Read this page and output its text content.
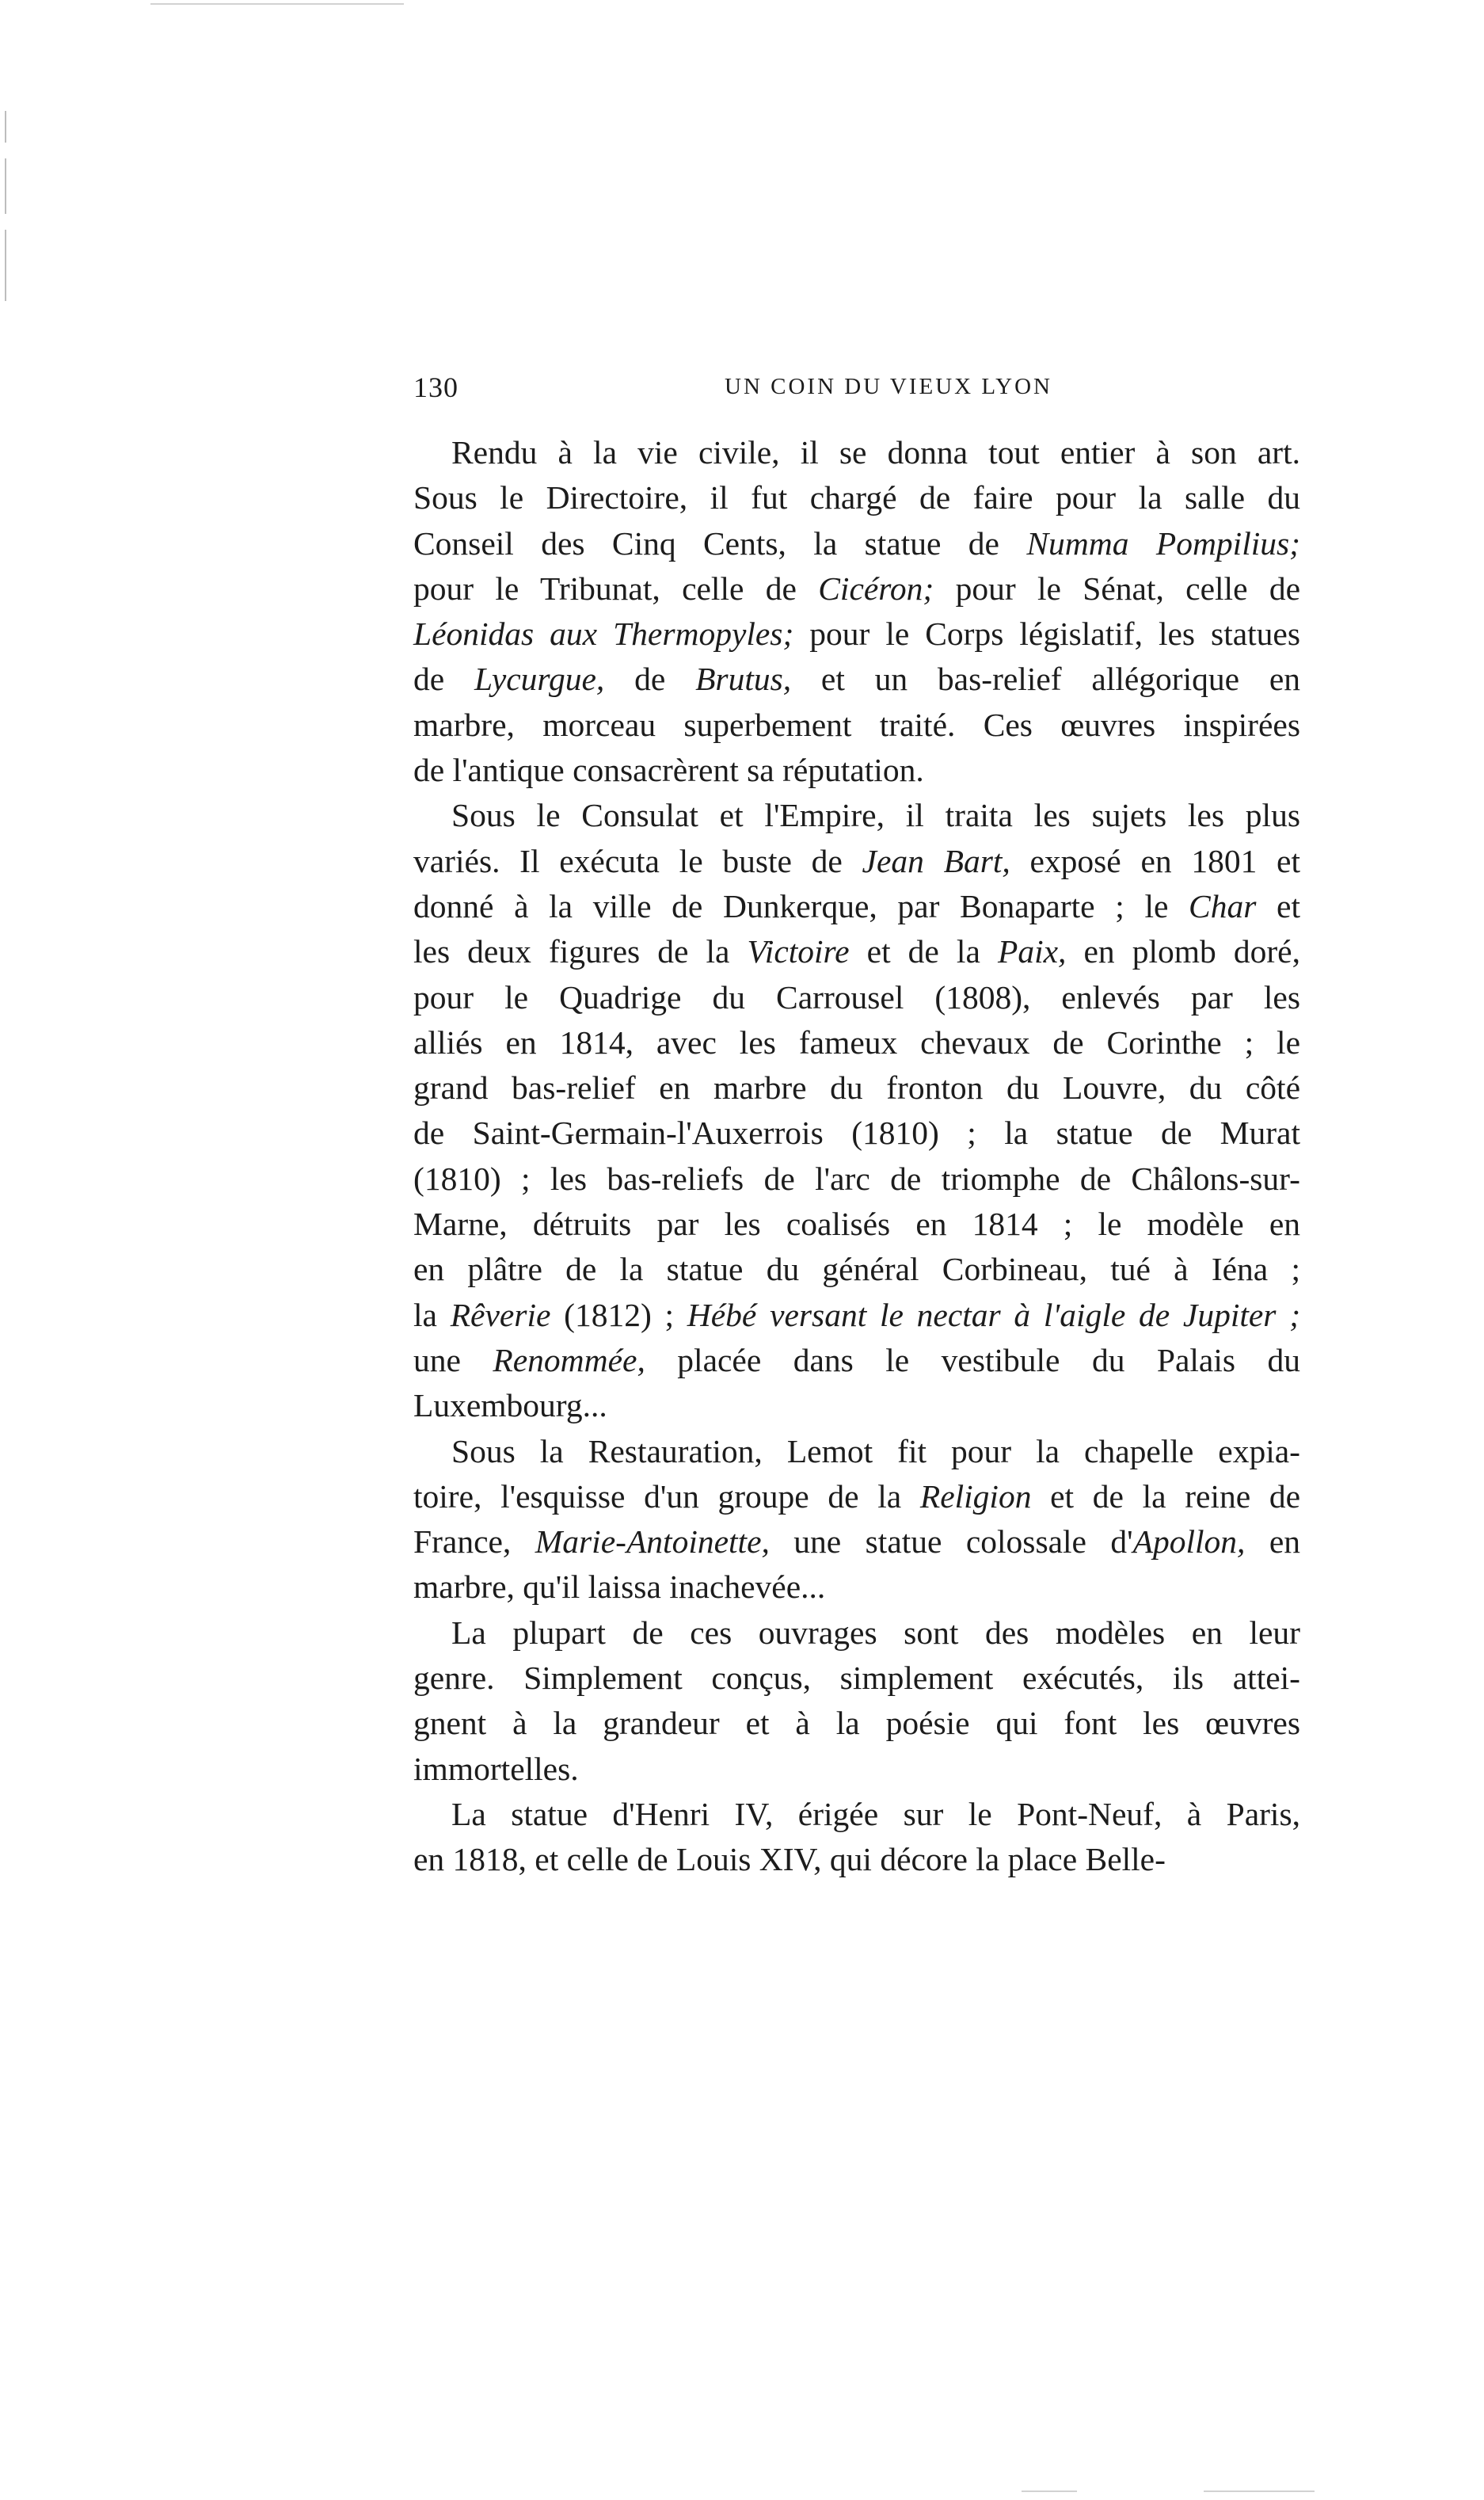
130	UN COIN DU VIEUX LYON
Rendu à la vie civile, il se donna tout entier à son art.
Sous le Directoire, il fut chargé de faire pour la salle du
Conseil des Cinq Cents, la statue de Numma Pompilius;
pour le Tribunat, celle de Cicéron; pour le Sénat, celle de
Léonidas aux Thermopyles; pour le Corps législatif, les statues
de Lycurgue, de Brutus, et un bas-relief allégorique en
marbre, morceau superbement traité. Ces œuvres inspirées
de l'antique consacrèrent sa réputation.
Sous le Consulat et l'Empire, il traita les sujets les plus
variés. Il exécuta le buste de Jean Bart, exposé en 1801 et
donné à la ville de Dunkerque, par Bonaparte ; le Char et
les deux figures de la Victoire et de la Paix, en plomb doré,
pour le Quadrige du Carrousel (1808), enlevés par les
alliés en 1814, avec les fameux chevaux de Corinthe ; le
grand bas-relief en marbre du fronton du Louvre, du côté
de Saint-Germain-l'Auxerrois (1810) ; la statue de Murat
(1810) ; les bas-reliefs de l'arc de triomphe de Châlons-sur-
Marne, détruits par les coalisés en 1814 ; le modèle en
en plâtre de la statue du général Corbineau, tué à Iéna ;
la Rêverie (1812) ; Hébé versant le nectar à l'aigle de Jupiter ;
une Renommée, placée dans le vestibule du Palais du
Luxembourg...
Sous la Restauration, Lemot fit pour la chapelle expia-
toire, l'esquisse d'un groupe de la Religion et de la reine de
France, Marie-Antoinette, une statue colossale d'Apollon, en
marbre, qu'il laissa inachevée...
La plupart de ces ouvrages sont des modèles en leur
genre. Simplement conçus, simplement exécutés, ils attei-
gnent à la grandeur et à la poésie qui font les œuvres
immortelles.
La statue d'Henri IV, érigée sur le Pont-Neuf, à Paris,
en 1818, et celle de Louis XIV, qui décore la place Belle-
